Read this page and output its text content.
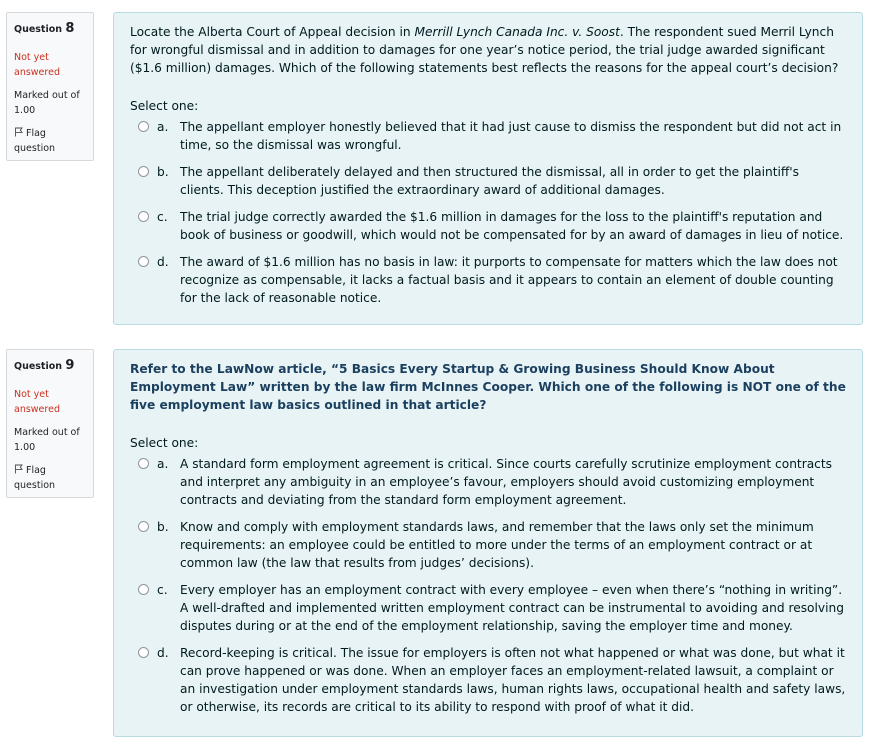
Question 8
Not yet answered
Marked out of 1.00
Flag question

Locate the Alberta Court of Appeal decision in Merrill Lynch Canada Inc. v. Soost. The respondent sued Merril Lynch for wrongful dismissal and in addition to damages for one year’s notice period, the trial judge awarded significant ($1.6 million) damages. Which of the following statements best reflects the reasons for the appeal court’s decision?

Select one:

a. The appellant employer honestly believed that it had just cause to dismiss the respondent but did not act in time, so the dismissal was wrongful.
b. The appellant deliberately delayed and then structured the dismissal, all in order to get the plaintiff's clients. This deception justified the extraordinary award of additional damages.
c.	The trial judge correctly awarded the $1.6 million in damages for the loss to the plaintiff's reputation and book of business or goodwill, which would not be compensated for by an award of damages in lieu of notice.
d. The award of $1.6 million has no basis in law: it purports to compensate for matters which the law does not recognize as compensable, it lacks a factual basis and it appears to contain an element of double counting for the lack of reasonable notice.
Question 9
Not yet answered
Marked out of 1.00
Flag question

Refer to the LawNow article, “5 Basics Every Startup & Growing Business Should Know About Employment Law” written by the law firm McInnes Cooper. Which one of the following is NOT one of the five employment law basics outlined in that article?

Select one:

a. A standard form employment agreement is critical. Since courts carefully scrutinize employment contracts and interpret any ambiguity in an employee’s favour, employers should avoid customizing employment contracts and deviating from the standard form employment agreement.
b. Know and comply with employment standards laws, and remember that the laws only set the minimum requirements: an employee could be entitled to more under the terms of an employment contract or at common law (the law that results from judges’ decisions).
c.	Every employer has an employment contract with every employee – even when there’s “nothing in writing”. A well-drafted and implemented written employment contract can be instrumental to avoiding and resolving disputes during or at the end of the employment relationship, saving the employer time and money.
d. Record-keeping is critical. The issue for employers is often not what happened or what was done, but what it can prove happened or was done. When an employer faces an employment-related lawsuit, a complaint or an investigation under employment standards laws, human rights laws, occupational health and safety laws, or otherwise, its records are critical to its ability to respond with proof of what it did.
